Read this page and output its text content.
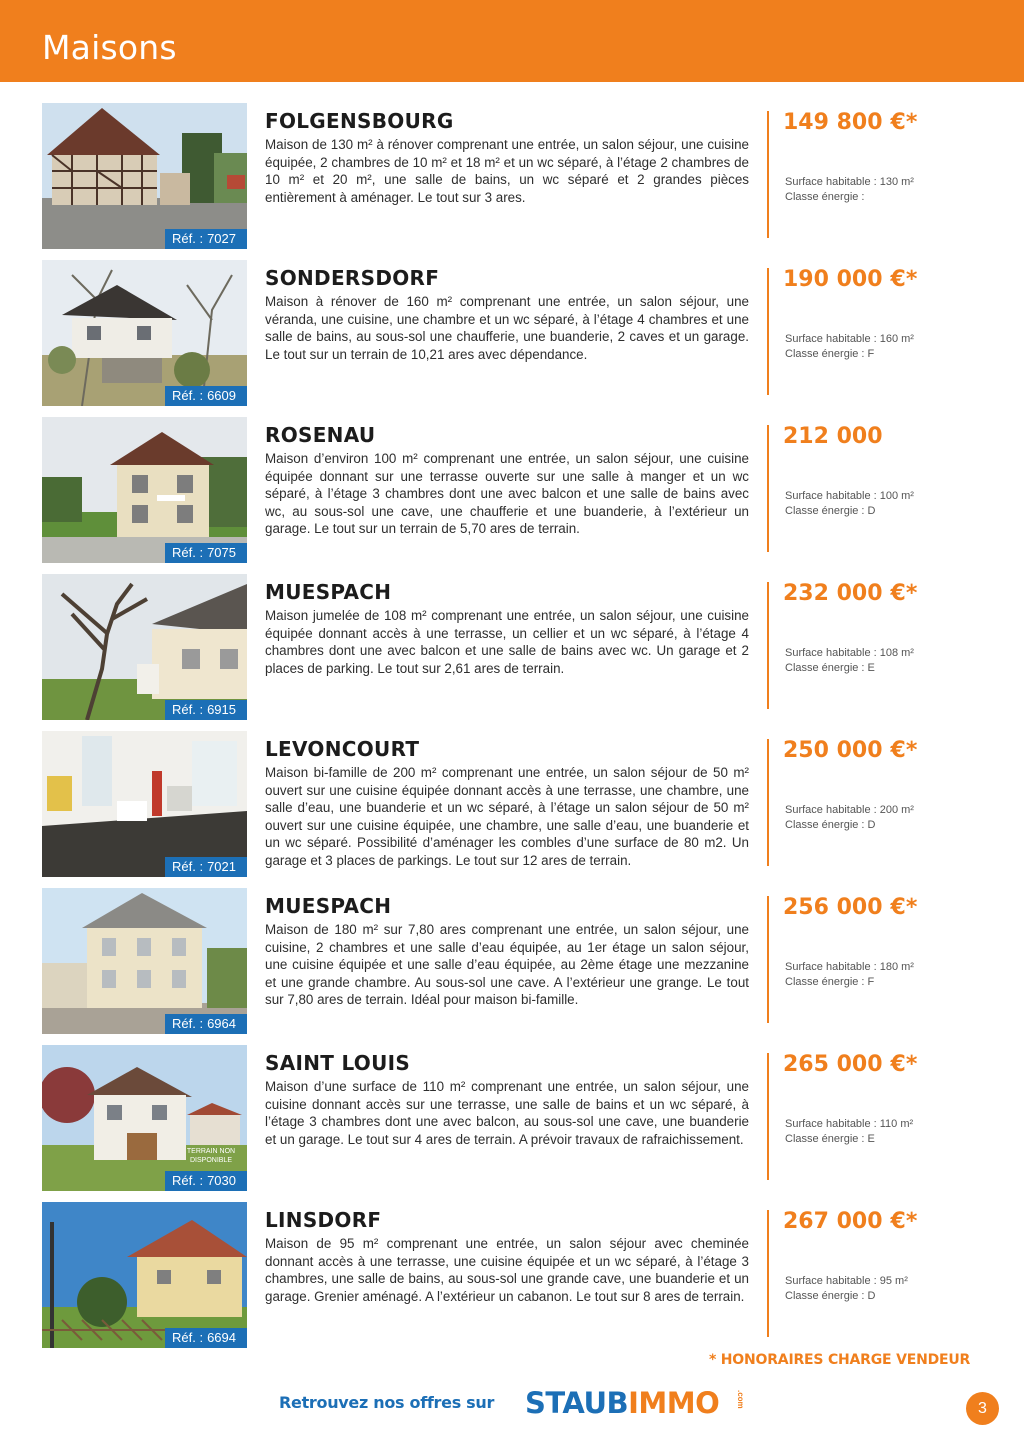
Maisons
Réf. : 7027
FOLGENSBOURG
Maison de 130 m² à rénover comprenant une entrée, un salon séjour, une cuisine équipée, 2 chambres de 10 m² et 18 m² et un wc séparé, à l’étage 2 chambres de 10 m² et 20 m², une salle de bains, un wc séparé et 2 grandes pièces entièrement à aménager. Le tout sur 3 ares.
149 800 €*
Surface habitable : 130 m²
Classe énergie :
Réf. : 6609
SONDERSDORF
Maison à rénover de 160 m² comprenant une entrée, un salon séjour, une véranda, une cuisine, une chambre et un wc séparé, à l’étage 4 chambres et une salle de bains, au sous-sol une chaufferie, une buanderie, 2 caves et un garage. Le tout sur un terrain de 10,21 ares avec dépendance.
190 000 €*
Surface habitable : 160 m²
Classe énergie : F
Réf. : 7075
ROSENAU
Maison d’environ 100 m² comprenant une entrée, un salon séjour, une cuisine équipée donnant sur une terrasse ouverte sur une salle à manger et un wc séparé, à l’étage 3 chambres dont une avec balcon et une salle de bains avec wc, au sous-sol une cave, une chaufferie et une buanderie, à l’extérieur un garage. Le tout sur un terrain de 5,70 ares de terrain.
212 000
Surface habitable : 100 m²
Classe énergie : D
Réf. : 6915
MUESPACH
Maison jumelée de 108 m² comprenant une entrée, un salon séjour, une cuisine équipée donnant accès à une terrasse, un cellier et un wc séparé, à l’étage 4 chambres dont une avec balcon et une salle de bains avec wc. Un garage et 2 places de parking. Le tout sur 2,61 ares de terrain.
232 000 €*
Surface habitable : 108 m²
Classe énergie : E
Réf. : 7021
LEVONCOURT
Maison bi-famille de 200 m² comprenant une entrée, un salon séjour de 50 m² ouvert sur une cuisine équipée donnant accès à une terrasse, une chambre, une salle d’eau, une buanderie et un wc séparé, à l’étage un salon séjour de 50 m² ouvert sur une cuisine équipée, une chambre, une salle d’eau, une buanderie et un wc séparé. Possibilité d’aménager les combles d’une surface de 80 m2. Un garage et 3 places de parkings. Le tout sur 12 ares de terrain.
250 000 €*
Surface habitable : 200 m²
Classe énergie : D
Réf. : 6964
MUESPACH
Maison de 180 m² sur 7,80 ares comprenant une entrée, un salon séjour, une cuisine, 2 chambres et une salle d’eau équipée, au 1er étage un salon séjour, une cuisine équipée et une salle d’eau équipée, au 2ème étage une mezzanine et une grande chambre. Au sous-sol une cave. A l’extérieur une grange. Le tout sur 7,80 ares de terrain. Idéal pour maison bi-famille.
256 000 €*
Surface habitable : 180 m²
Classe énergie : F
TERRAIN NON DISPONIBLE
Réf. : 7030
SAINT LOUIS
Maison d’une surface de 110 m² comprenant une entrée, un salon séjour, une cuisine donnant accès sur une terrasse, une salle de bains et un wc séparé, à l’étage 3 chambres dont une avec balcon, au sous-sol une cave, une buanderie et un garage. Le tout sur 4 ares de terrain. A prévoir travaux de rafraichissement.
265 000 €*
Surface habitable : 110 m²
Classe énergie : E
Réf. : 6694
LINSDORF
Maison de 95 m² comprenant une entrée, un salon séjour avec cheminée donnant accès à une terrasse, une cuisine équipée et un wc séparé, à l’étage 3 chambres, une salle de bains, au sous-sol une grande cave, une buanderie et un garage. Grenier aménagé. A l’extérieur un cabanon. Le tout sur 8 ares de terrain.
267 000 €*
Surface habitable : 95 m²
Classe énergie : D
* HONORAIRES CHARGE VENDEUR
Retrouvez nos offres sur STAUBIMMO	.com	3
